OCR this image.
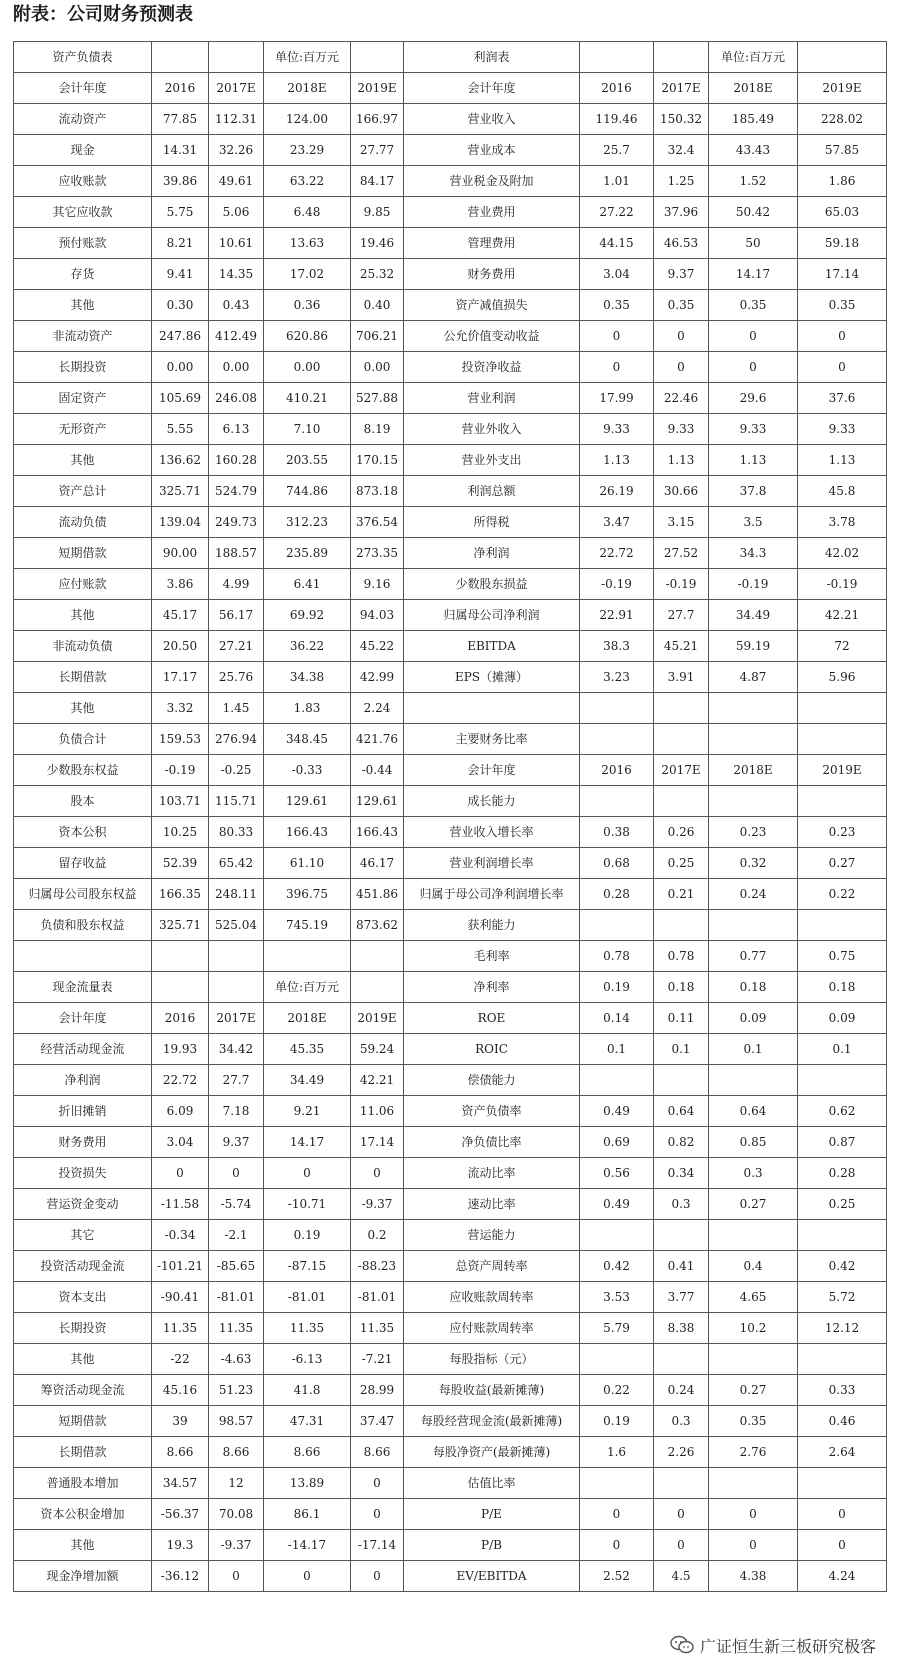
附表：公司财务预测表
资产负债表			单位:百万元		利润表			单位:百万元	
会计年度	2016	2017E	2018E	2019E	会计年度	2016	2017E	2018E	2019E
流动资产	77.85	112.31	124.00	166.97	营业收入	119.46	150.32	185.49	228.02
现金	14.31	32.26	23.29	27.77	营业成本	25.7	32.4	43.43	57.85
应收账款	39.86	49.61	63.22	84.17	营业税金及附加	1.01	1.25	1.52	1.86
其它应收款	5.75	5.06	6.48	9.85	营业费用	27.22	37.96	50.42	65.03
预付账款	8.21	10.61	13.63	19.46	管理费用	44.15	46.53	50	59.18
存货	9.41	14.35	17.02	25.32	财务费用	3.04	9.37	14.17	17.14
其他	0.30	0.43	0.36	0.40	资产减值损失	0.35	0.35	0.35	0.35
非流动资产	247.86	412.49	620.86	706.21	公允价值变动收益	0	0	0	0
长期投资	0.00	0.00	0.00	0.00	投资净收益	0	0	0	0
固定资产	105.69	246.08	410.21	527.88	营业利润	17.99	22.46	29.6	37.6
无形资产	5.55	6.13	7.10	8.19	营业外收入	9.33	9.33	9.33	9.33
其他	136.62	160.28	203.55	170.15	营业外支出	1.13	1.13	1.13	1.13
资产总计	325.71	524.79	744.86	873.18	利润总额	26.19	30.66	37.8	45.8
流动负债	139.04	249.73	312.23	376.54	所得税	3.47	3.15	3.5	3.78
短期借款	90.00	188.57	235.89	273.35	净利润	22.72	27.52	34.3	42.02
应付账款	3.86	4.99	6.41	9.16	少数股东损益	-0.19	-0.19	-0.19	-0.19
其他	45.17	56.17	69.92	94.03	归属母公司净利润	22.91	27.7	34.49	42.21
非流动负债	20.50	27.21	36.22	45.22	EBITDA	38.3	45.21	59.19	72
长期借款	17.17	25.76	34.38	42.99	EPS（摊薄）	3.23	3.91	4.87	5.96
其他	3.32	1.45	1.83	2.24					
负债合计	159.53	276.94	348.45	421.76	主要财务比率				
少数股东权益	-0.19	-0.25	-0.33	-0.44	会计年度	2016	2017E	2018E	2019E
股本	103.71	115.71	129.61	129.61	成长能力				
资本公积	10.25	80.33	166.43	166.43	营业收入增长率	0.38	0.26	0.23	0.23
留存收益	52.39	65.42	61.10	46.17	营业利润增长率	0.68	0.25	0.32	0.27
归属母公司股东权益	166.35	248.11	396.75	451.86	归属于母公司净利润增长率	0.28	0.21	0.24	0.22
负债和股东权益	325.71	525.04	745.19	873.62	获利能力				
					毛利率	0.78	0.78	0.77	0.75
现金流量表			单位:百万元		净利率	0.19	0.18	0.18	0.18
会计年度	2016	2017E	2018E	2019E	ROE	0.14	0.11	0.09	0.09
经营活动现金流	19.93	34.42	45.35	59.24	ROIC	0.1	0.1	0.1	0.1
净利润	22.72	27.7	34.49	42.21	偿债能力				
折旧摊销	6.09	7.18	9.21	11.06	资产负债率	0.49	0.64	0.64	0.62
财务费用	3.04	9.37	14.17	17.14	净负债比率	0.69	0.82	0.85	0.87
投资损失	0	0	0	0	流动比率	0.56	0.34	0.3	0.28
营运资金变动	-11.58	-5.74	-10.71	-9.37	速动比率	0.49	0.3	0.27	0.25
其它	-0.34	-2.1	0.19	0.2	营运能力				
投资活动现金流	-101.21	-85.65	-87.15	-88.23	总资产周转率	0.42	0.41	0.4	0.42
资本支出	-90.41	-81.01	-81.01	-81.01	应收账款周转率	3.53	3.77	4.65	5.72
长期投资	11.35	11.35	11.35	11.35	应付账款周转率	5.79	8.38	10.2	12.12
其他	-22	-4.63	-6.13	-7.21	每股指标（元）				
筹资活动现金流	45.16	51.23	41.8	28.99	每股收益(最新摊薄)	0.22	0.24	0.27	0.33
短期借款	39	98.57	47.31	37.47	每股经营现金流(最新摊薄)	0.19	0.3	0.35	0.46
长期借款	8.66	8.66	8.66	8.66	每股净资产(最新摊薄)	1.6	2.26	2.76	2.64
普通股本增加	34.57	12	13.89	0	估值比率				
资本公积金增加	-56.37	70.08	86.1	0	P/E	0	0	0	0
其他	19.3	-9.37	-14.17	-17.14	P/B	0	0	0	0
现金净增加额	-36.12	0	0	0	EV/EBITDA	2.52	4.5	4.38	4.24
广证恒生新三板研究极客
